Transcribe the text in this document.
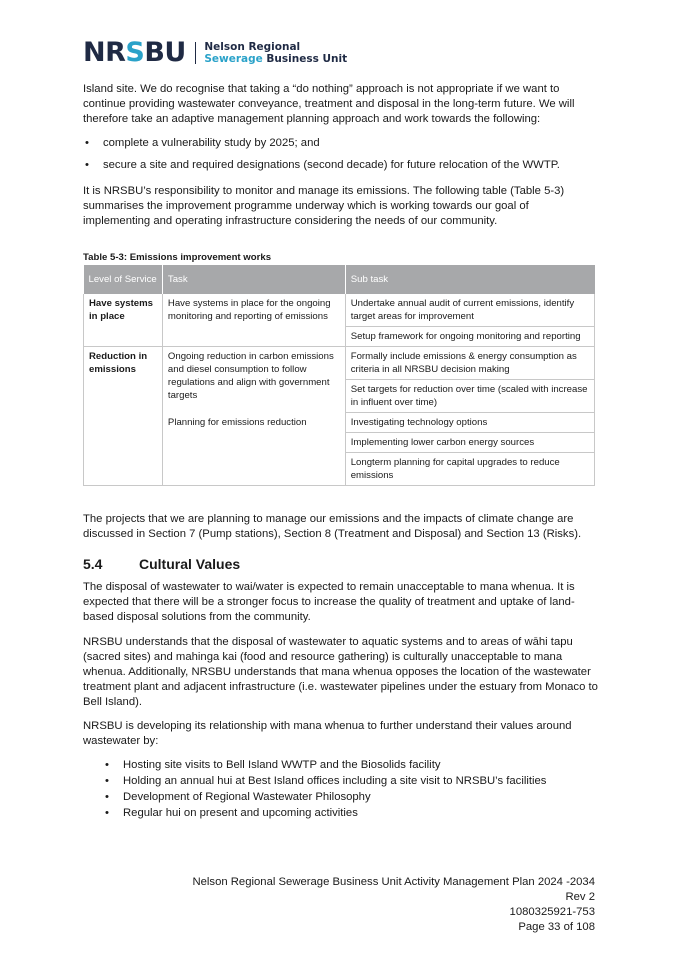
NRSBU Nelson Regional
Sewerage Business Unit

Island site. We do recognise that taking a “do nothing” approach is not appropriate if we want to continue providing wastewater conveyance, treatment and disposal in the long-term future. We will therefore take an adaptive management planning approach and work towards the following:

• complete a vulnerability study by 2025; and
• secure a site and required designations (second decade) for future relocation of the WWTP.

It is NRSBU’s responsibility to monitor and manage its emissions. The following table (Table 5-3) summarises the improvement programme underway which is working towards our goal of implementing and operating infrastructure considering the needs of our community.

Table 5-3: Emissions improvement works
Level of Service	Task	Sub task
Have systems in place	Have systems in place for the ongoing monitoring and reporting of emissions	Undertake annual audit of current emissions, identify target areas for improvement
		Setup framework for ongoing monitoring and reporting
Reduction in emissions	Ongoing reduction in carbon emissions and diesel consumption to follow regulations and align with government targets	Formally include emissions & energy consumption as criteria in all NRSBU decision making
		Set targets for reduction over time (scaled with increase in influent over time)
	Planning for emissions reduction	Investigating technology options
		Implementing lower carbon energy sources
		Longterm planning for capital upgrades to reduce emissions

The projects that we are planning to manage our emissions and the impacts of climate change are discussed in Section 7 (Pump stations), Section 8 (Treatment and Disposal) and Section 13 (Risks).

5.4	Cultural Values

The disposal of wastewater to wai/water is expected to remain unacceptable to mana whenua. It is expected that there will be a stronger focus to increase the quality of treatment and uptake of land-based disposal solutions from the community.

NRSBU understands that the disposal of wastewater to aquatic systems and to areas of wāhi tapu (sacred sites) and mahinga kai (food and resource gathering) is culturally unacceptable to mana whenua. Additionally, NRSBU understands that mana whenua opposes the location of the wastewater treatment plant and adjacent infrastructure (i.e. wastewater pipelines under the estuary from Monaco to Bell Island).

NRSBU is developing its relationship with mana whenua to further understand their values around wastewater by:

• Hosting site visits to Bell Island WWTP and the Biosolids facility
• Holding an annual hui at Best Island offices including a site visit to NRSBU’s facilities
• Development of Regional Wastewater Philosophy
• Regular hui on present and upcoming activities
Nelson Regional Sewerage Business Unit Activity Management Plan 2024 -2034
Rev 2
1080325921-753
Page 33 of 108
